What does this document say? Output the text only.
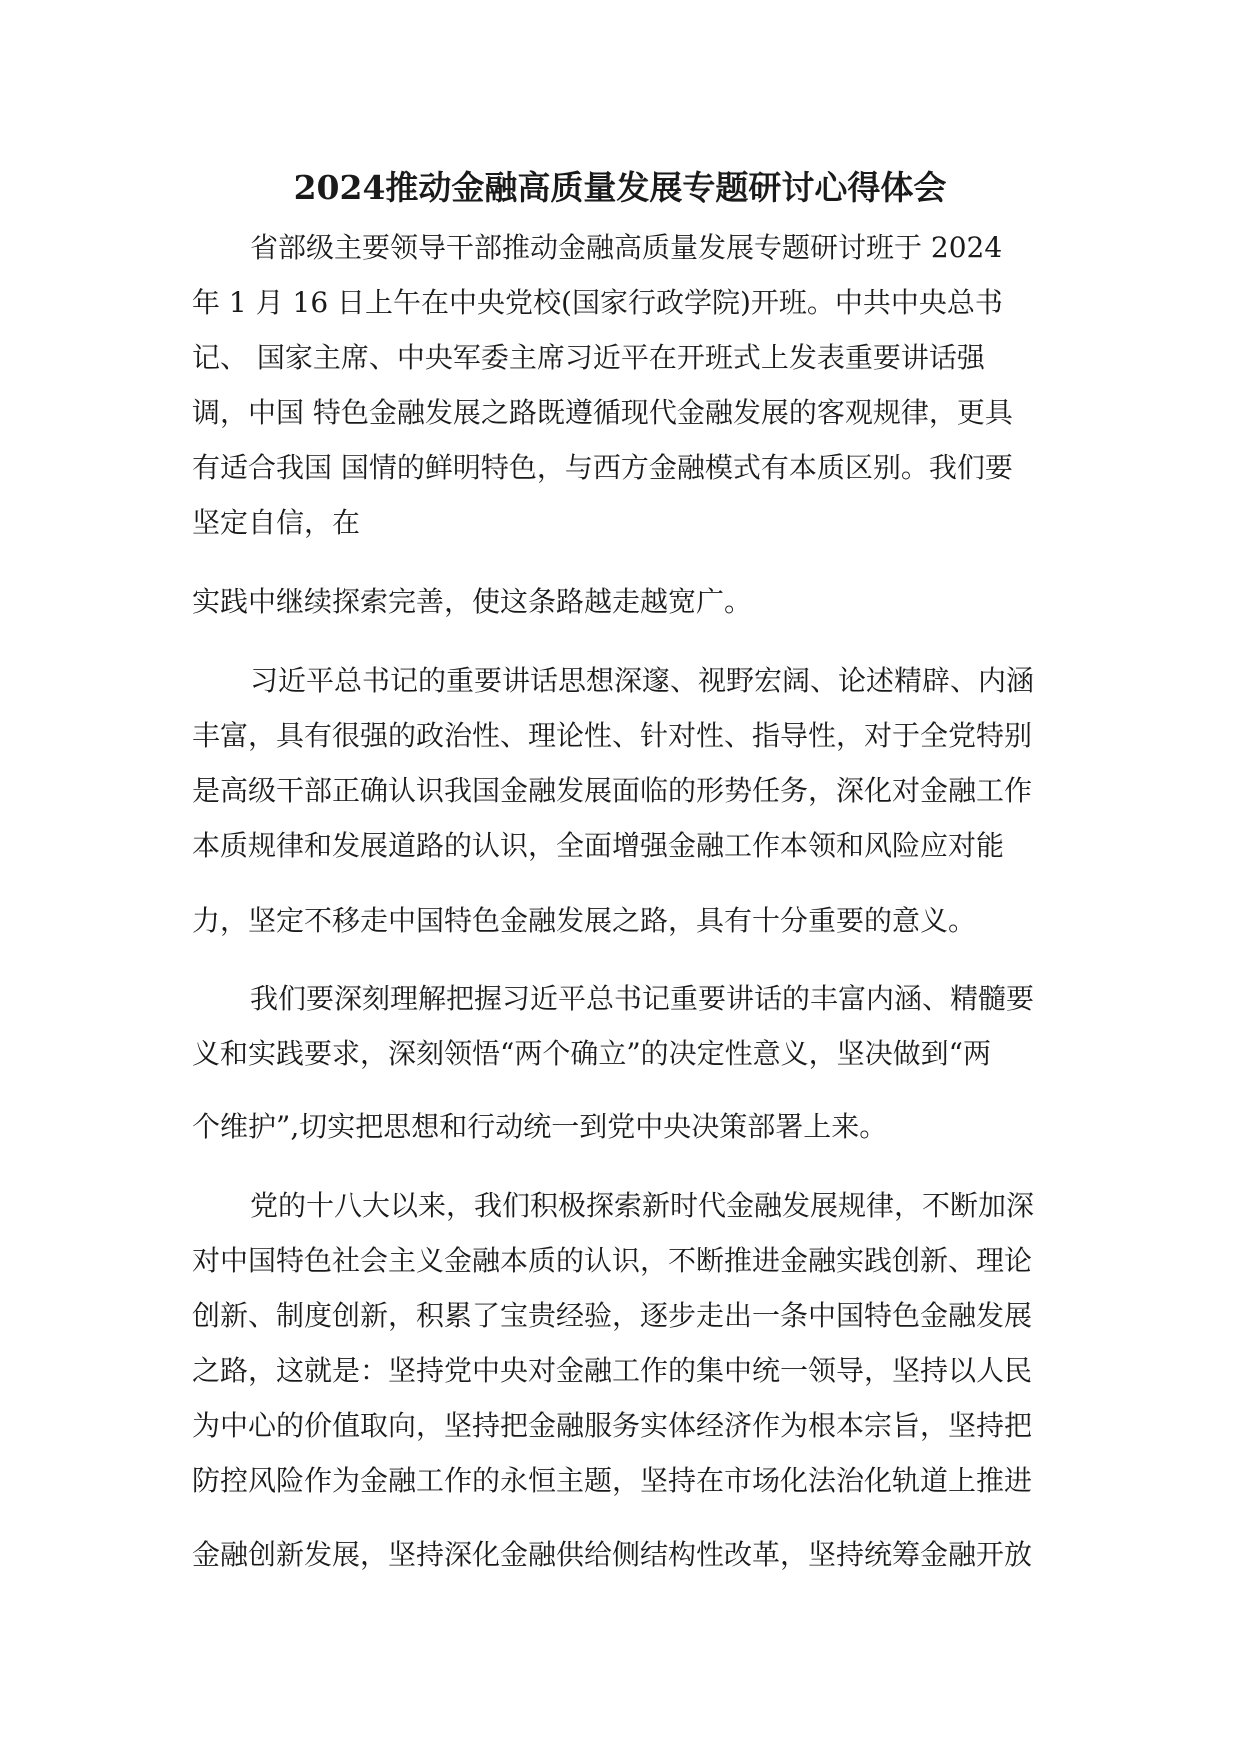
2024推动金融高质量发展专题研讨心得体会
省部级主要领导干部推动金融高质量发展专题研讨班于 2024
年 1 月 16 日上午在中央党校(国家行政学院)开班。中共中央总书
记、 国家主席、中央军委主席习近平在开班式上发表重要讲话强
调，中国 特色金融发展之路既遵循现代金融发展的客观规律，更具
有适合我国 国情的鲜明特色，与西方金融模式有本质区别。我们要
坚定自信，在
实践中继续探索完善，使这条路越走越宽广。
习近平总书记的重要讲话思想深邃、视野宏阔、论述精辟、内涵
丰富，具有很强的政治性、理论性、针对性、指导性，对于全党特别
是高级干部正确认识我国金融发展面临的形势任务，深化对金融工作
本质规律和发展道路的认识，全面增强金融工作本领和风险应对能
力，坚定不移走中国特色金融发展之路，具有十分重要的意义。
我们要深刻理解把握习近平总书记重要讲话的丰富内涵、精髓要
义和实践要求，深刻领悟“两个确立”的决定性意义，坚决做到“两
个维护”,切实把思想和行动统一到党中央决策部署上来。
党的十八大以来，我们积极探索新时代金融发展规律，不断加深
对中国特色社会主义金融本质的认识，不断推进金融实践创新、理论
创新、制度创新，积累了宝贵经验，逐步走出一条中国特色金融发展
之路，这就是：坚持党中央对金融工作的集中统一领导，坚持以人民
为中心的价值取向，坚持把金融服务实体经济作为根本宗旨，坚持把
防控风险作为金融工作的永恒主题，坚持在市场化法治化轨道上推进
金融创新发展，坚持深化金融供给侧结构性改革，坚持统筹金融开放
